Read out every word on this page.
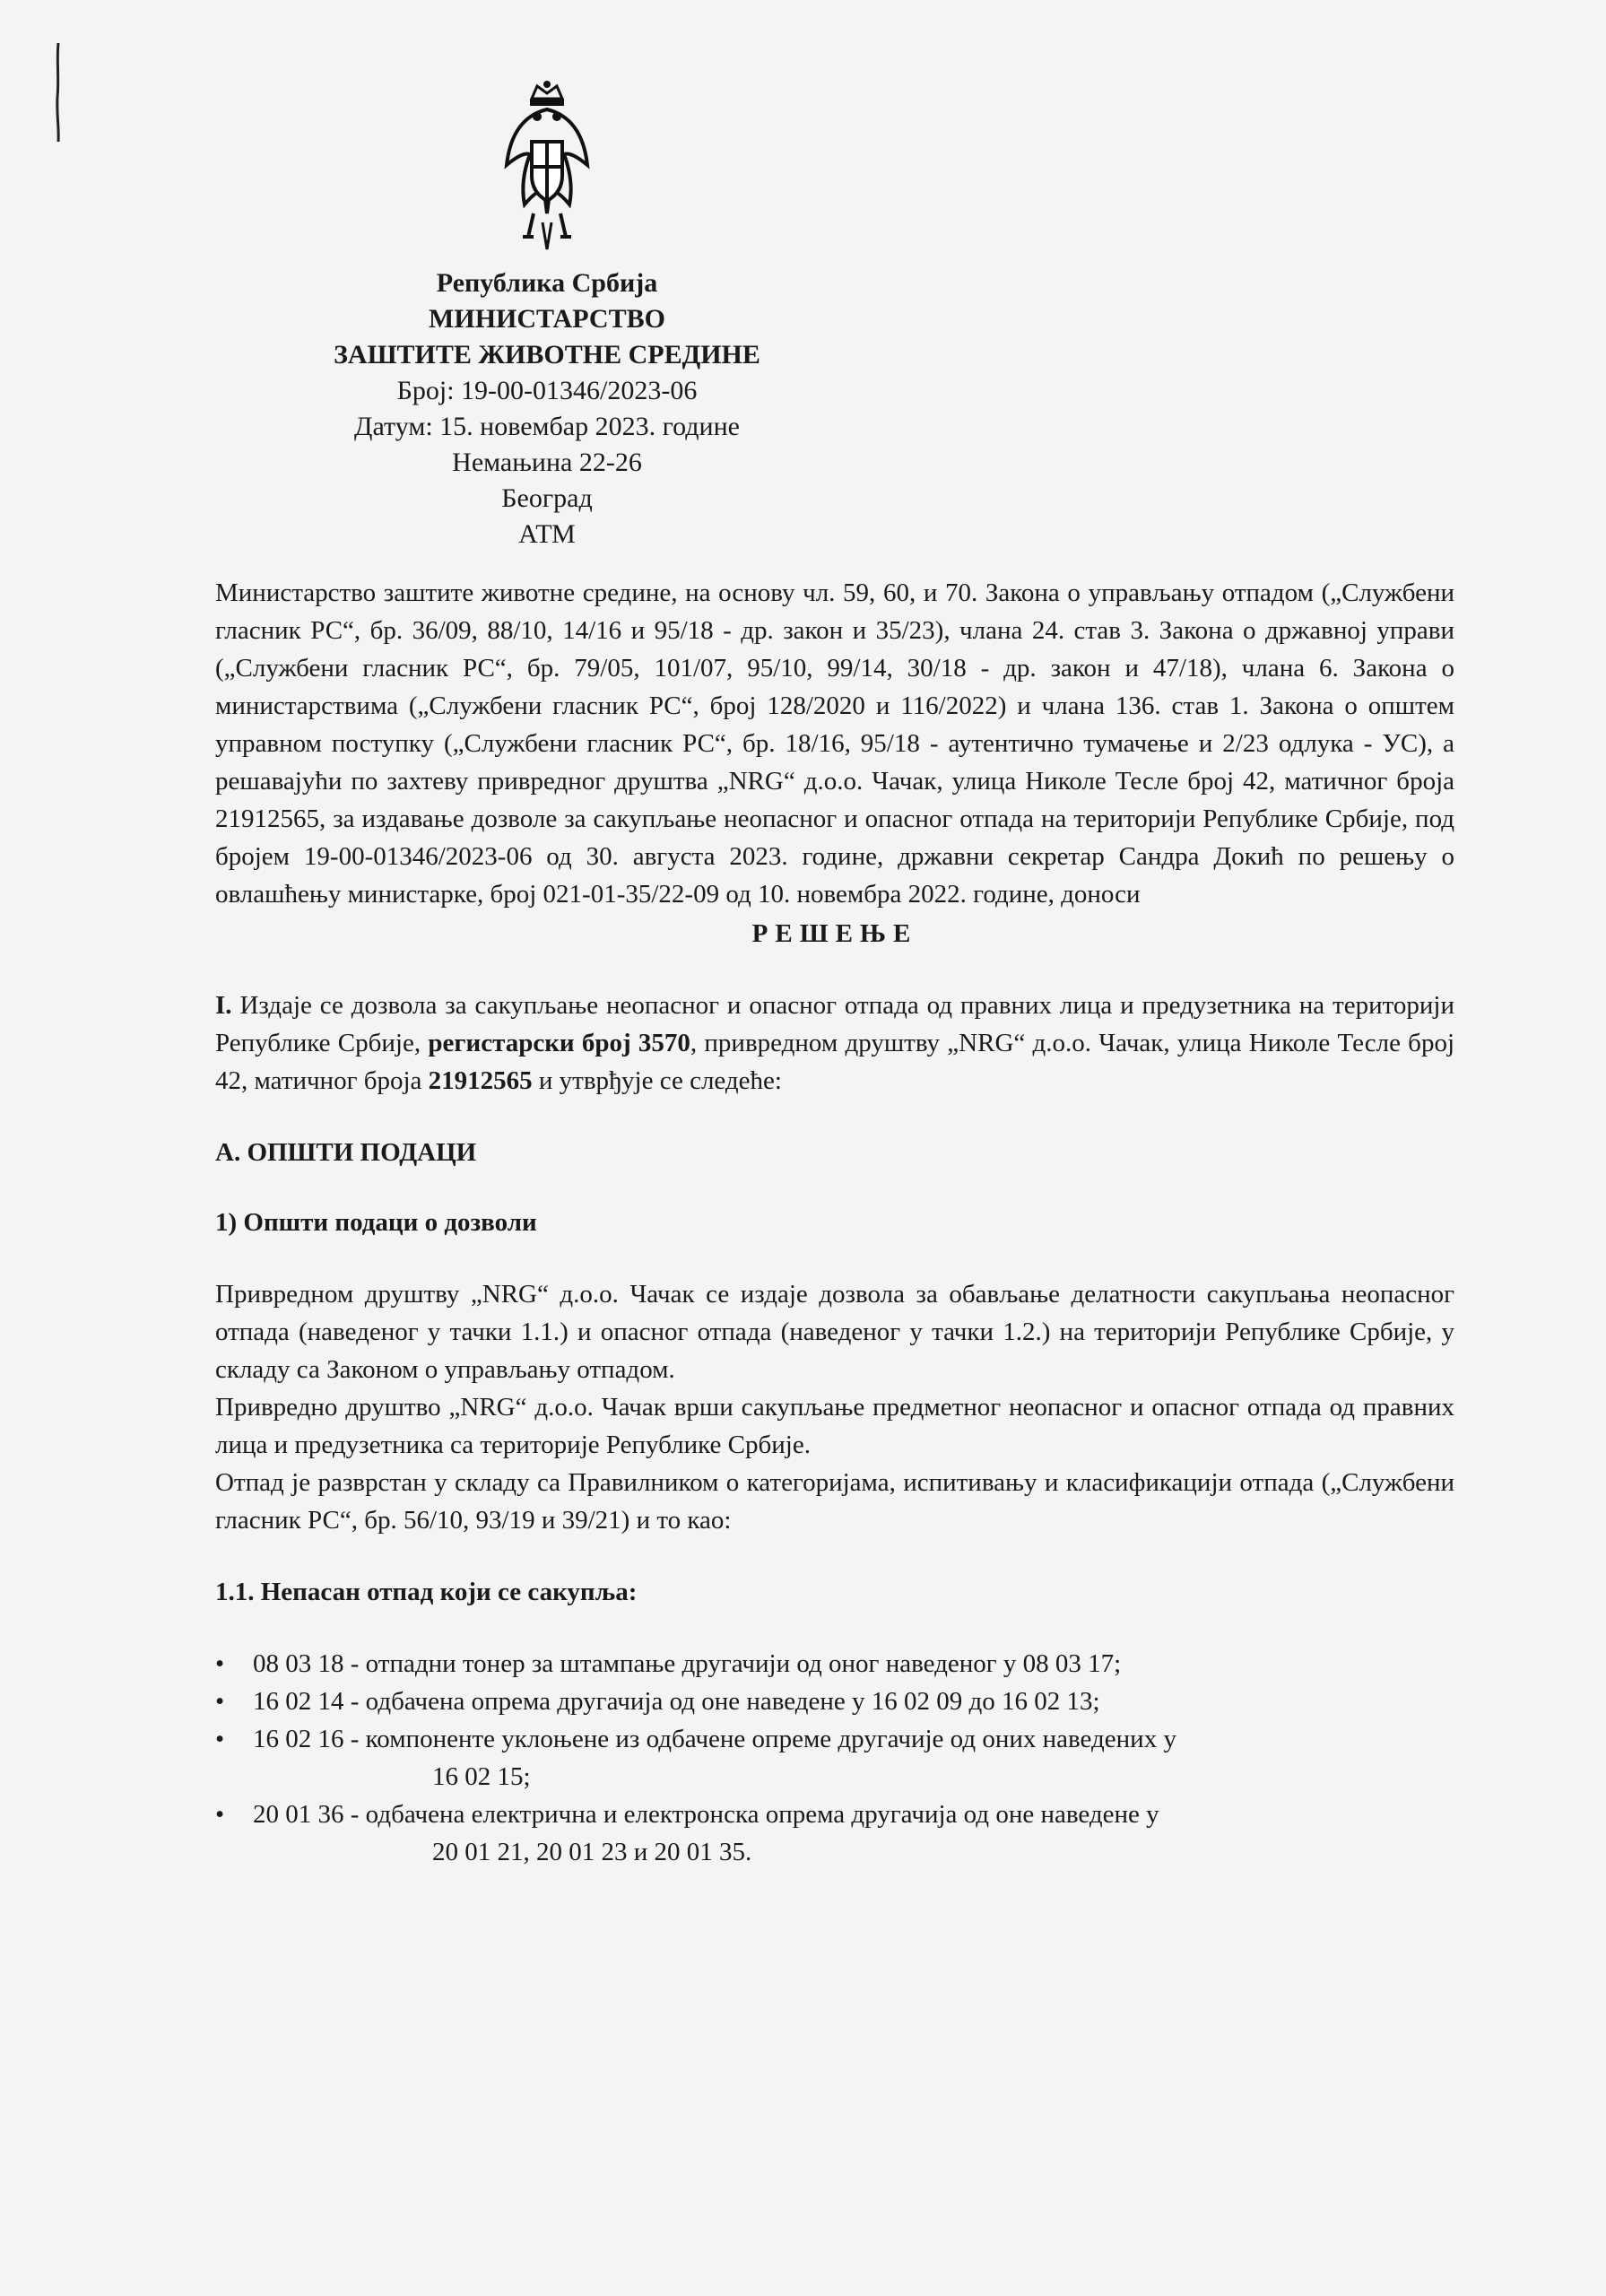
Република Србија
МИНИСТАРСТВО
ЗАШТИТЕ ЖИВОТНЕ СРЕДИНЕ
Број: 19-00-01346/2023-06
Датум: 15. новембар 2023. године
Немањина 22-26
Београд
АТМ

Министарство заштите животне средине, на основу чл. 59, 60, и 70. Закона о управљању отпадом („Службени гласник РС“, бр. 36/09, 88/10, 14/16 и 95/18 - др. закон и 35/23), члана 24. став 3. Закона о државној управи („Службени гласник РС“, бр. 79/05, 101/07, 95/10, 99/14, 30/18 - др. закон и 47/18), члана 6. Закона о министарствима („Службени гласник РС“, број 128/2020 и 116/2022) и члана 136. став 1. Закона о општем управном поступку („Службени гласник РС“, бр. 18/16, 95/18 - аутентично тумачење и 2/23 одлука - УС), а решавајући по захтеву привредног друштва „NRG“ д.о.о. Чачак, улица Николе Тесле број 42, матичног броја 21912565, за издавање дозволе за сакупљање неопасног и опасног отпада на територији Републике Србије, под бројем 19-00-01346/2023-06 од 30. августа 2023. године, државни секретар Сандра Докић по решењу о овлашћењу министарке, број 021-01-35/22-09 од 10. новембра 2022. године, доноси

РЕШЕЊЕ

I. Издаје се дозвола за сакупљање неопасног и опасног отпада од правних лица и предузетника на територији Републике Србије, регистарски број 3570, привредном друштву „NRG“ д.о.о. Чачак, улица Николе Тесле број 42, матичног броја 21912565 и утврђује се следеће:

А. ОПШТИ ПОДАЦИ

1) Општи подаци о дозволи

Привредном друштву „NRG“ д.о.о. Чачак се издаје дозвола за обављање делатности сакупљања неопасног отпада (наведеног у тачки 1.1.) и опасног отпада (наведеног у тачки 1.2.) на територији Републике Србије, у складу са Законом о управљању отпадом.

Привредно друштво „NRG“ д.о.о. Чачак врши сакупљање предметног неопасног и опасног отпада од правних лица и предузетника са територије Републике Србије.

Отпад је разврстан у складу са Правилником о категоријама, испитивању и класификацији отпада („Службени гласник РС“, бр. 56/10, 93/19 и 39/21) и то као:

1.1. Непасан отпад који се сакупља:

• 08 03 18 - отпадни тонер за штампање другачији од оног наведеног у 08 03 17;
• 16 02 14 - одбачена опрема другачија од оне наведене у 16 02 09 до 16 02 13;
• 16 02 16 - компоненте уклоњене из одбачене опреме другачије од оних наведених у
16 02 15;
• 20 01 36 - одбачена електрична и електронска опрема другачија од оне наведене у
20 01 21, 20 01 23 и 20 01 35.
